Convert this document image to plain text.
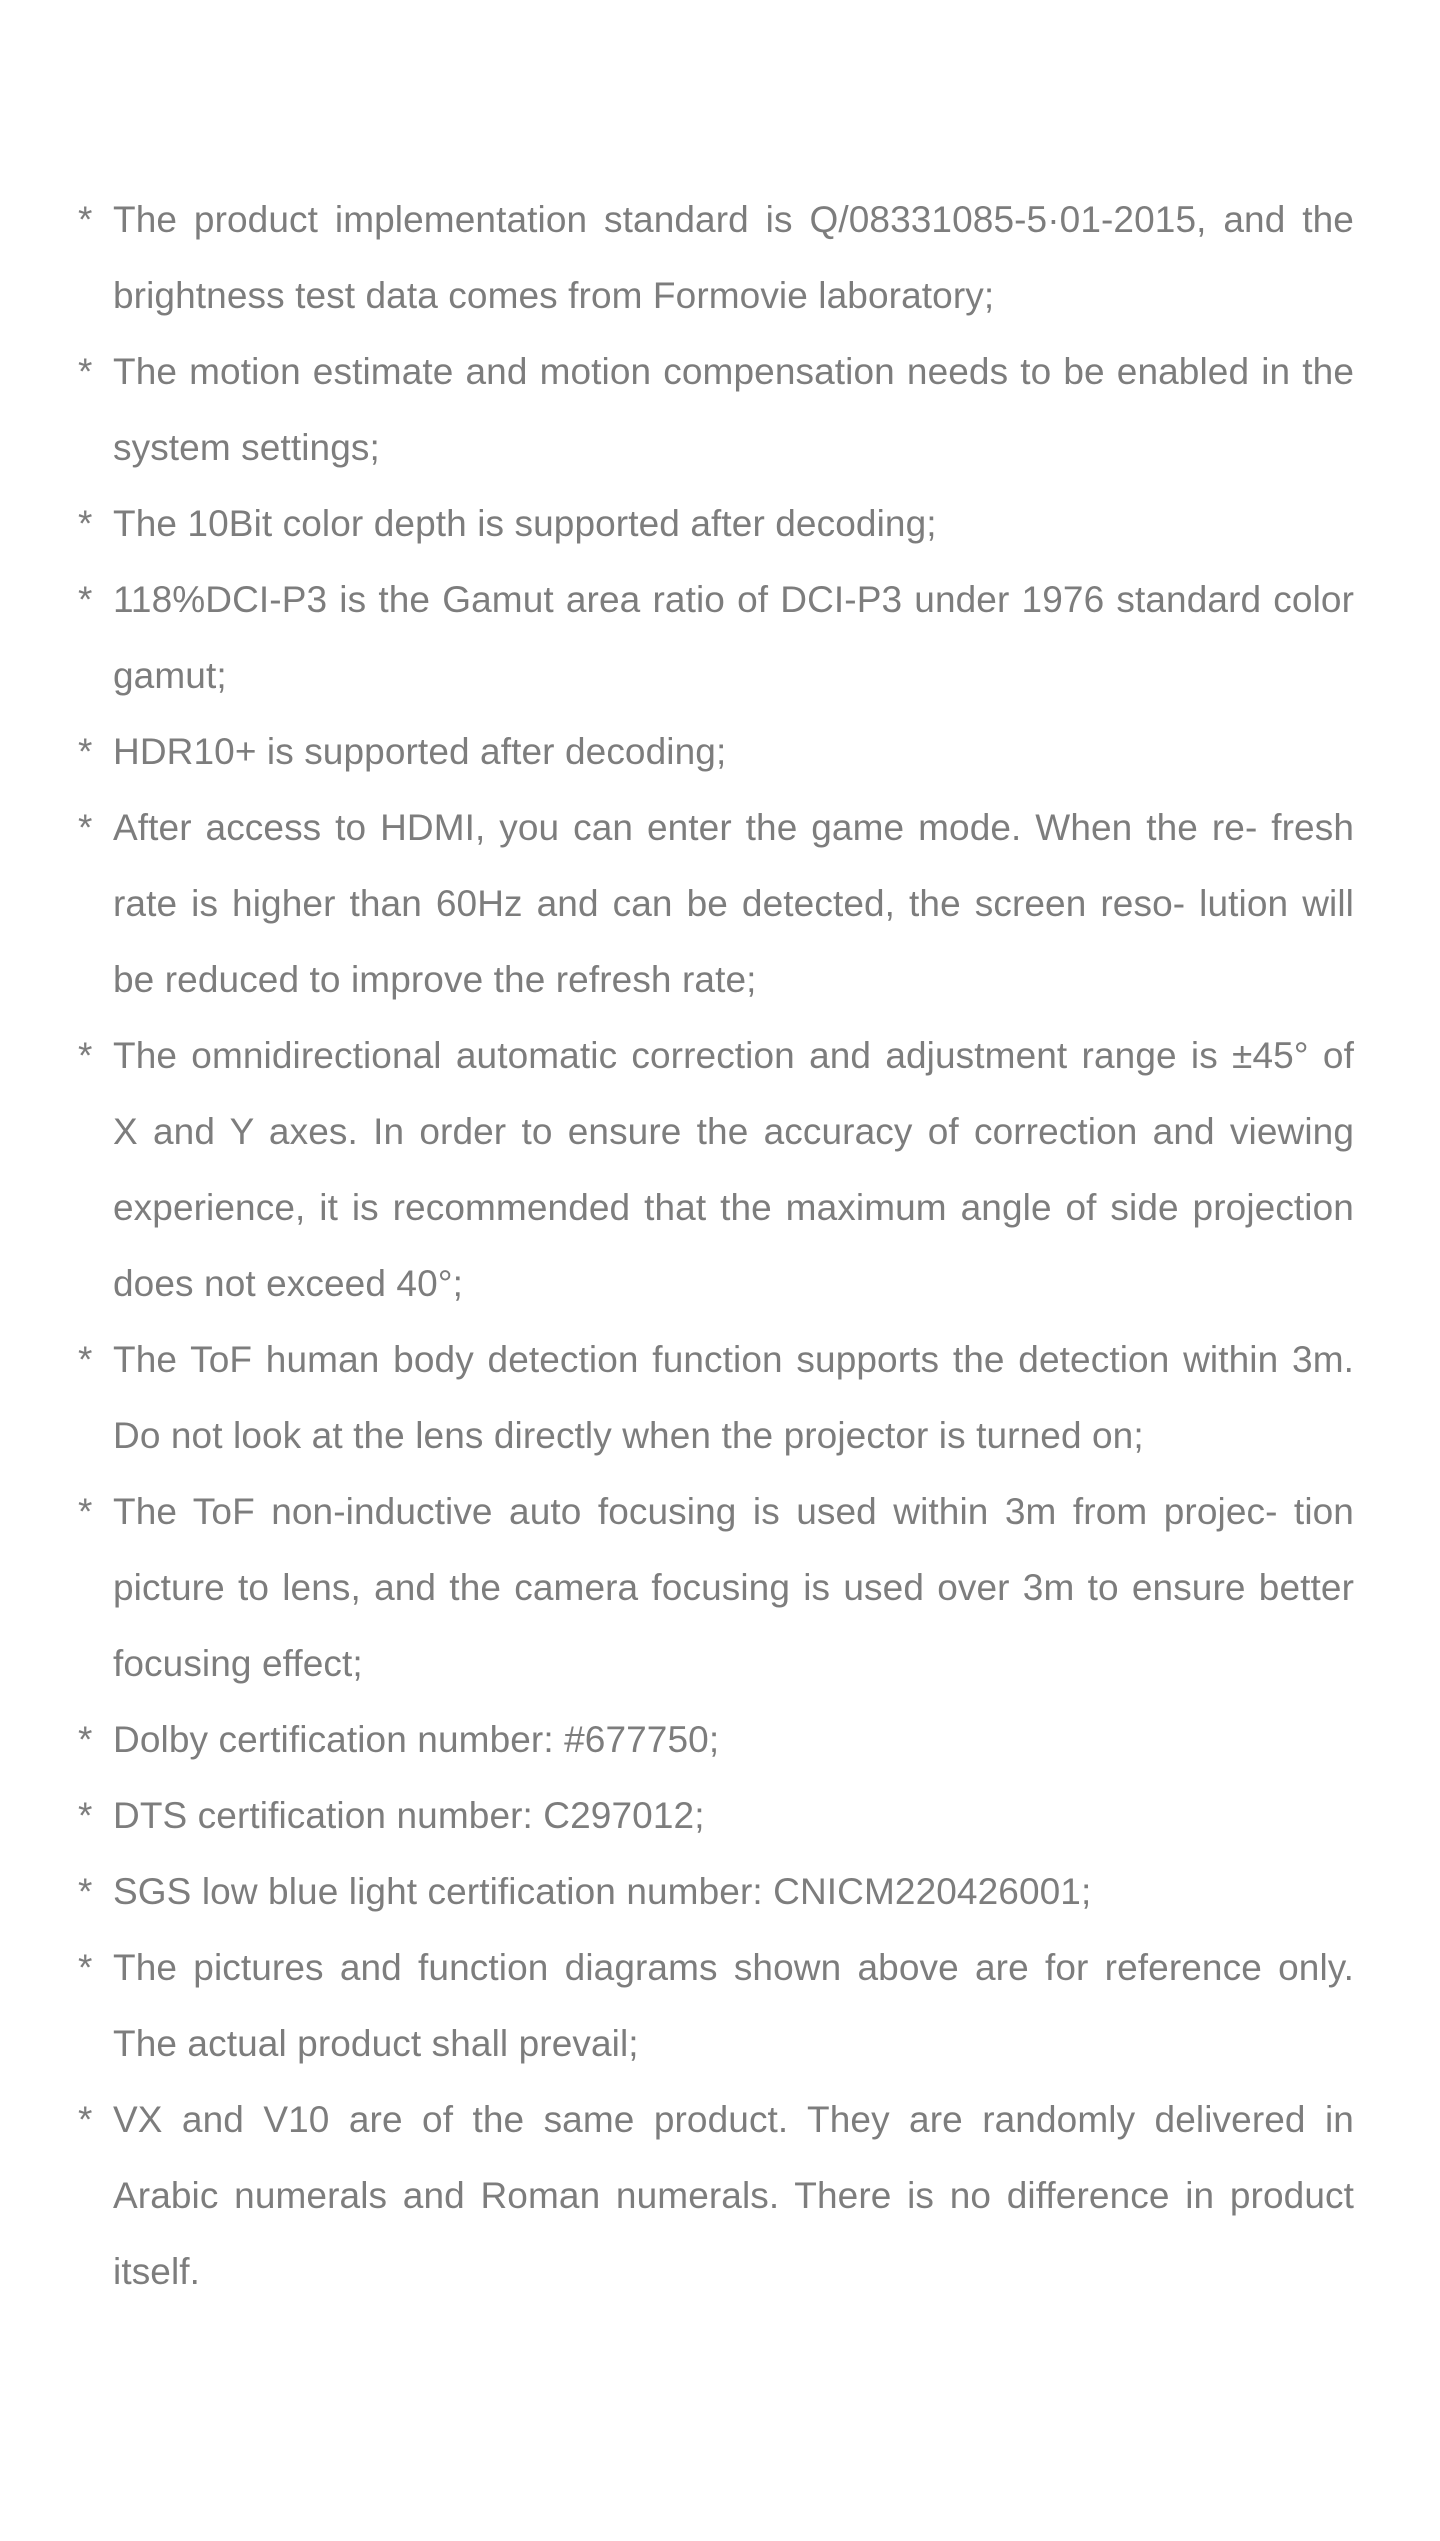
* The product implementation standard is Q/08331085-5·01-2015, and the brightness test data comes from Formovie laboratory;
* The motion estimate and motion compensation needs to be enabled in the system settings;
* The 10Bit color depth is supported after decoding;
* 118%DCI-P3 is the Gamut area ratio of DCI-P3 under 1976 standard color gamut;
* HDR10+ is supported after decoding;
* After access to HDMI, you can enter the game mode. When the re- fresh rate is higher than 60Hz and can be detected, the screen reso- lution will be reduced to improve the refresh rate;
* The omnidirectional automatic correction and adjustment range is ±45° of X and Y axes. In order to ensure the accuracy of correction and viewing experience, it is recommended that the maximum angle of side projection does not exceed 40°;
* The ToF human body detection function supports the detection within 3m. Do not look at the lens directly when the projector is turned on;
* The ToF non-inductive auto focusing is used within 3m from projec- tion picture to lens, and the camera focusing is used over 3m to ensure better focusing effect;
* Dolby certification number: #677750;
* DTS certification number: C297012;
* SGS low blue light certification number: CNICM220426001;
* The pictures and function diagrams shown above are for reference only. The actual product shall prevail;
* VX and V10 are of the same product. They are randomly delivered in Arabic numerals and Roman numerals. There is no difference in product itself.
